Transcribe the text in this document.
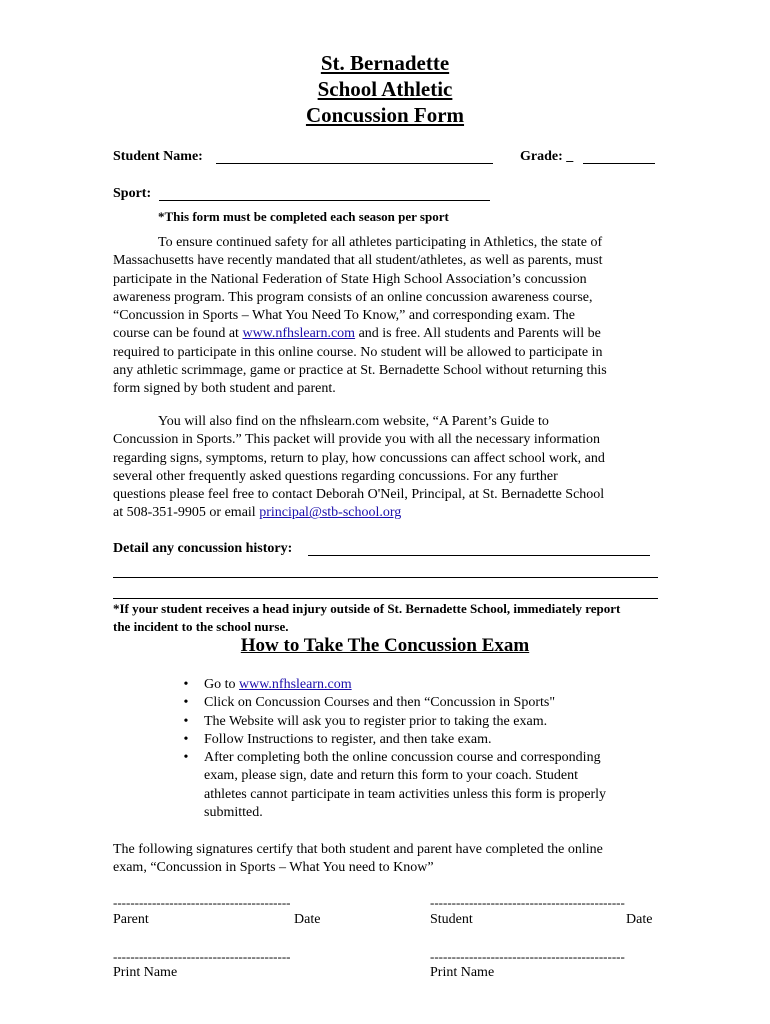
St. Bernadette
School Athletic
Concussion Form
Student Name:	Grade: _
Sport:
*This form must be completed each season per sport
To ensure continued safety for all athletes participating in Athletics, the state of
Massachusetts have recently mandated that all student/athletes, as well as parents, must
participate in the National Federation of State High School Association’s concussion
awareness program. This program consists of an online concussion awareness course,
“Concussion in Sports – What You Need To Know,” and corresponding exam. The
course can be found at www.nfhslearn.com and is free. All students and Parents will be
required to participate in this online course. No student will be allowed to participate in
any athletic scrimmage, game or practice at St. Bernadette School without returning this
form signed by both student and parent.
You will also find on the nfhslearn.com website, “A Parent’s Guide to
Concussion in Sports.” This packet will provide you with all the necessary information
regarding signs, symptoms, return to play, how concussions can affect school work, and
several other frequently asked questions regarding concussions. For any further
questions please feel free to contact Deborah O'Neil, Principal, at St. Bernadette School
at 508-351-9905 or email principal@stb-school.org
Detail any concussion history:
*If your student receives a head injury outside of St. Bernadette School, immediately report
the incident to the school nurse.
How to Take The Concussion Exam
• Go to www.nfhslearn.com
• Click on Concussion Courses and then “Concussion in Sports"
• The Website will ask you to register prior to taking the exam.
• Follow Instructions to register, and then take exam.
• After completing both the online concussion course and corresponding
exam, please sign, date and return this form to your coach. Student
athletes cannot participate in team activities unless this form is properly
submitted.
The following signatures certify that both student and parent have completed the online
exam, “Concussion in Sports – What You need to Know”
-----------------------------------------	---------------------------------------------
Parent	Date	Student	Date
-----------------------------------------	---------------------------------------------
Print Name	Print Name
